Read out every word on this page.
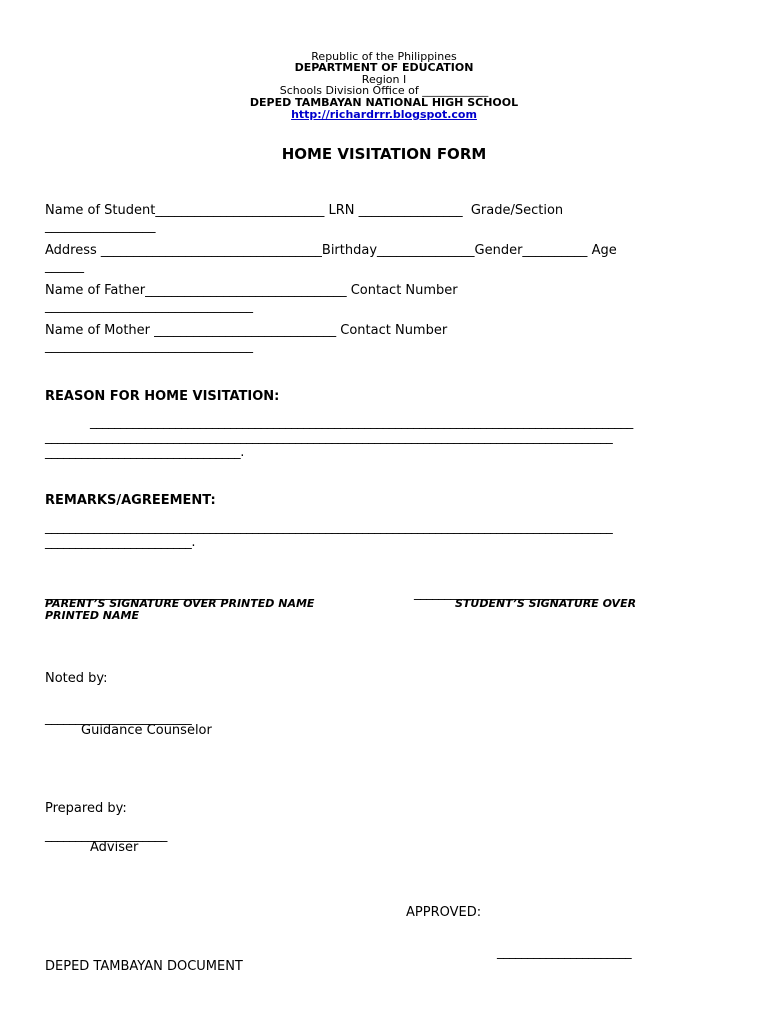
Republic of the Philippines
DEPARTMENT OF EDUCATION
Region I
Schools Division Office of ____________
DEPED TAMBAYAN NATIONAL HIGH SCHOOL
http://richardrrr.blogspot.com
HOME VISITATION FORM
Name of Student__________________________ LRN ________________  Grade/Section
_________________
Address __________________________________Birthday_______________Gender__________ Age
______
Name of Father_______________________________ Contact Number
________________________________
Name of Mother ____________________________ Contact Number
________________________________
REASON FOR HOME VISITATION:
_________________________________________________________________________________________
_____________________________________________________________________________________________
________________________________.
REMARKS/AGREEMENT:
_____________________________________________________________________________________________
________________________.
______________________________	______________________________
PARENT’S SIGNATURE OVER PRINTED NAME	STUDENT’S SIGNATURE OVER
PRINTED NAME
Noted by:
________________________
Guidance Counselor
Prepared by:
____________________
Adviser
APPROVED:
______________________
DEPED TAMBAYAN DOCUMENT
